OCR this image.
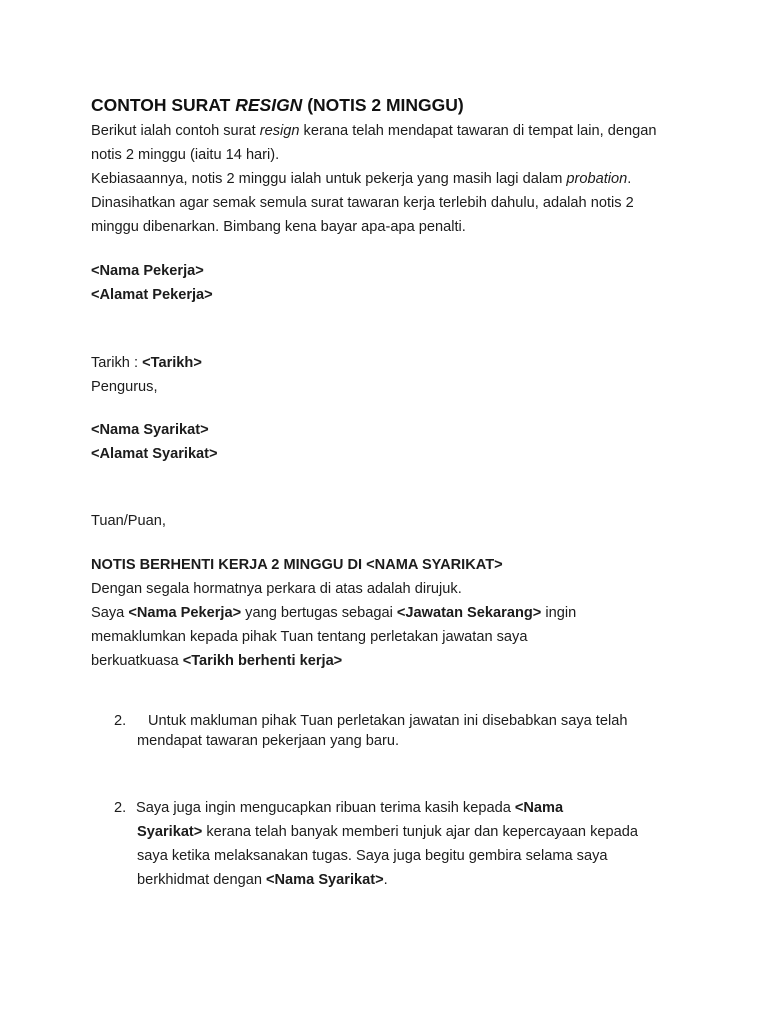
CONTOH SURAT RESIGN (NOTIS 2 MINGGU)

Berikut ialah contoh surat resign kerana telah mendapat tawaran di tempat lain, dengan

notis 2 minggu (iaitu 14 hari).

Kebiasaannya, notis 2 minggu ialah untuk pekerja yang masih lagi dalam probation.

Dinasihatkan agar semak semula surat tawaran kerja terlebih dahulu, adalah notis 2

minggu dibenarkan. Bimbang kena bayar apa-apa penalti.

<Nama Pekerja>

<Alamat Pekerja>

Tarikh : <Tarikh>

Pengurus,

<Nama Syarikat>

<Alamat Syarikat>

Tuan/Puan,

NOTIS BERHENTI KERJA 2 MINGGU DI <NAMA SYARIKAT>

Dengan segala hormatnya perkara di atas adalah dirujuk.

Saya <Nama Pekerja> yang bertugas sebagai <Jawatan Sekarang> ingin

memaklumkan kepada pihak Tuan tentang perletakan jawatan saya

berkuatkuasa <Tarikh berhenti kerja>

2. Untuk makluman pihak Tuan perletakan jawatan ini disebabkan saya telah
mendapat tawaran pekerjaan yang baru.
2. Saya juga ingin mengucapkan ribuan terima kasih kepada <Nama
Syarikat> kerana telah banyak memberi tunjuk ajar dan kepercayaan kepada
saya ketika melaksanakan tugas. Saya juga begitu gembira selama saya
berkhidmat dengan <Nama Syarikat>.
